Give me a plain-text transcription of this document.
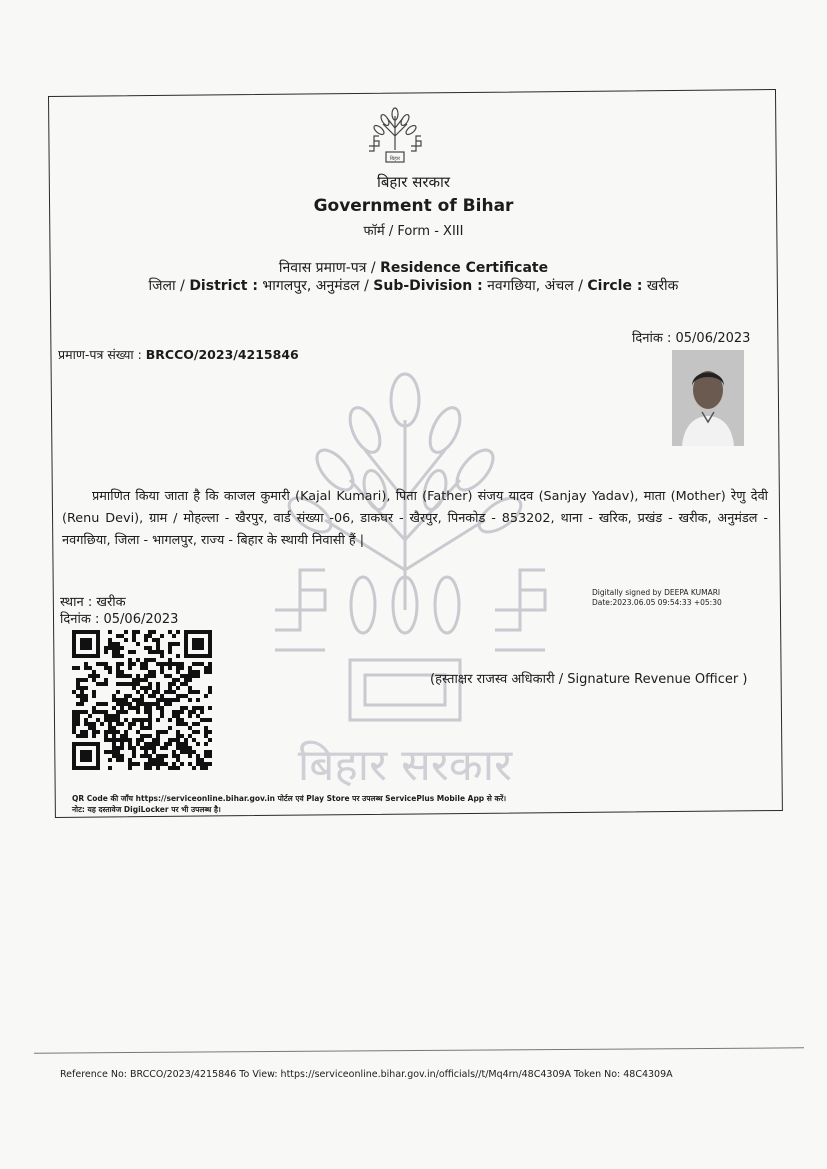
बिहार सरकार
बिहार
बिहार सरकार
Government of Bihar
फॉर्म / Form - XIII
निवास प्रमाण-पत्र / Residence Certificate
जिला / District : भागलपुर, अनुमंडल / Sub-Division : नवगछिया, अंचल / Circle : खरीक
दिनांक : 05/06/2023
प्रमाण-पत्र संख्या : BRCCO/2023/4215846
प्रमाणित किया जाता है कि काजल कुमारी (Kajal Kumari), पिता (Father) संजय यादव (Sanjay Yadav), माता (Mother) रेणु देवी (Renu Devi), ग्राम / मोहल्ला - खैरपुर, वार्ड संख्या -06, डाकघर - खैरपुर, पिनकोड - 853202, थाना - खरिक, प्रखंड - खरीक, अनुमंडल - नवगछिया, जिला - भागलपुर, राज्य - बिहार के स्थायी निवासी हैं |
स्थान : खरीक
दिनांक : 05/06/2023
Digitally signed by DEEPA KUMARI
Date:2023.06.05 09:54:33 +05:30
(हस्ताक्षर राजस्व अधिकारी / Signature Revenue Officer )
QR Code की जाँच https://serviceonline.bihar.gov.in पोर्टल एवं Play Store पर उपलब्ध ServicePlus Mobile App से करें।
नोट: यह दस्तावेज DigiLocker पर भी उपलब्ध है।
Reference No: BRCCO/2023/4215846 To View: https://serviceonline.bihar.gov.in/officials//t/Mq4rn/48C4309A Token No: 48C4309A
